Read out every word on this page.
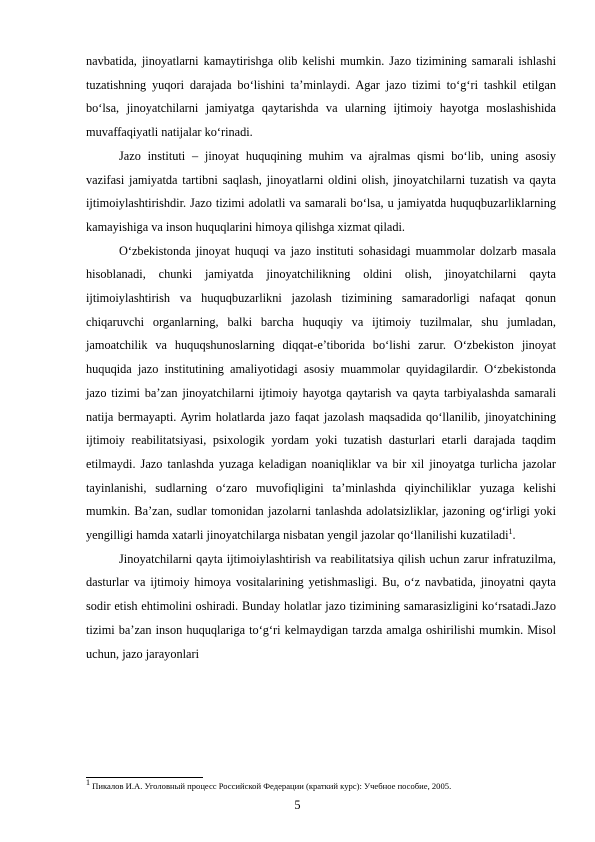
navbatida, jinoyatlarni kamaytirishga olib kelishi mumkin. Jazo tizimining samarali ishlashi tuzatishning yuqori darajada bo‘lishini ta’minlaydi. Agar jazo tizimi to‘g‘ri tashkil etilgan bo‘lsa, jinoyatchilarni jamiyatga qaytarishda va ularning ijtimoiy hayotga moslashishida muvaffaqiyatli natijalar ko‘rinadi.

Jazo instituti – jinoyat huquqining muhim va ajralmas qismi bo‘lib, uning asosiy vazifasi jamiyatda tartibni saqlash, jinoyatlarni oldini olish, jinoyatchilarni tuzatish va qayta ijtimoiylashtirishdir. Jazo tizimi adolatli va samarali bo‘lsa, u jamiyatda huquqbuzarliklarning kamayishiga va inson huquqlarini himoya qilishga xizmat qiladi.

O‘zbekistonda jinoyat huquqi va jazo instituti sohasidagi muammolar dolzarb masala hisoblanadi, chunki jamiyatda jinoyatchilikning oldini olish, jinoyatchilarni qayta ijtimoiylashtirish va huquqbuzarlikni jazolash tizimining samaradorligi nafaqat qonun chiqaruvchi organlarning, balki barcha huquqiy va ijtimoiy tuzilmalar, shu jumladan, jamoatchilik va huquqshunoslarning diqqat-e’tiborida bo‘lishi zarur. O‘zbekiston jinoyat huquqida jazo institutining amaliyotidagi asosiy muammolar quyidagilardir. O‘zbekistonda jazo tizimi ba’zan jinoyatchilarni ijtimoiy hayotga qaytarish va qayta tarbiyalashda samarali natija bermayapti. Ayrim holatlarda jazo faqat jazolash maqsadida qo‘llanilib, jinoyatchining ijtimoiy reabilitatsiyasi, psixologik yordam yoki tuzatish dasturlari etarli darajada taqdim etilmaydi. Jazo tanlashda yuzaga keladigan noaniqliklar va bir xil jinoyatga turlicha jazolar tayinlanishi, sudlarning o‘zaro muvofiqligini ta’minlashda qiyinchiliklar yuzaga kelishi mumkin. Ba’zan, sudlar tomonidan jazolarni tanlashda adolatsizliklar, jazoning og‘irligi yoki yengilligi hamda xatarli jinoyatchilarga nisbatan yengil jazolar qo‘llanilishi kuzatiladi$^1$.

Jinoyatchilarni qayta ijtimoiylashtirish va reabilitatsiya qilish uchun zarur infratuzilma, dasturlar va ijtimoiy himoya vositalarining yetishmasligi. Bu, o‘z navbatida, jinoyatni qayta sodir etish ehtimolini oshiradi. Bunday holatlar jazo tizimining samarasizligini ko‘rsatadi.Jazo tizimi ba’zan inson huquqlariga to‘g‘ri kelmaydigan tarzda amalga oshirilishi mumkin. Misol uchun, jazo jarayonlari

$^1$ Пикалов И.А. Уголовный процесс Российской Федерации (краткий курс): Учебное пособие, 2005.
5
